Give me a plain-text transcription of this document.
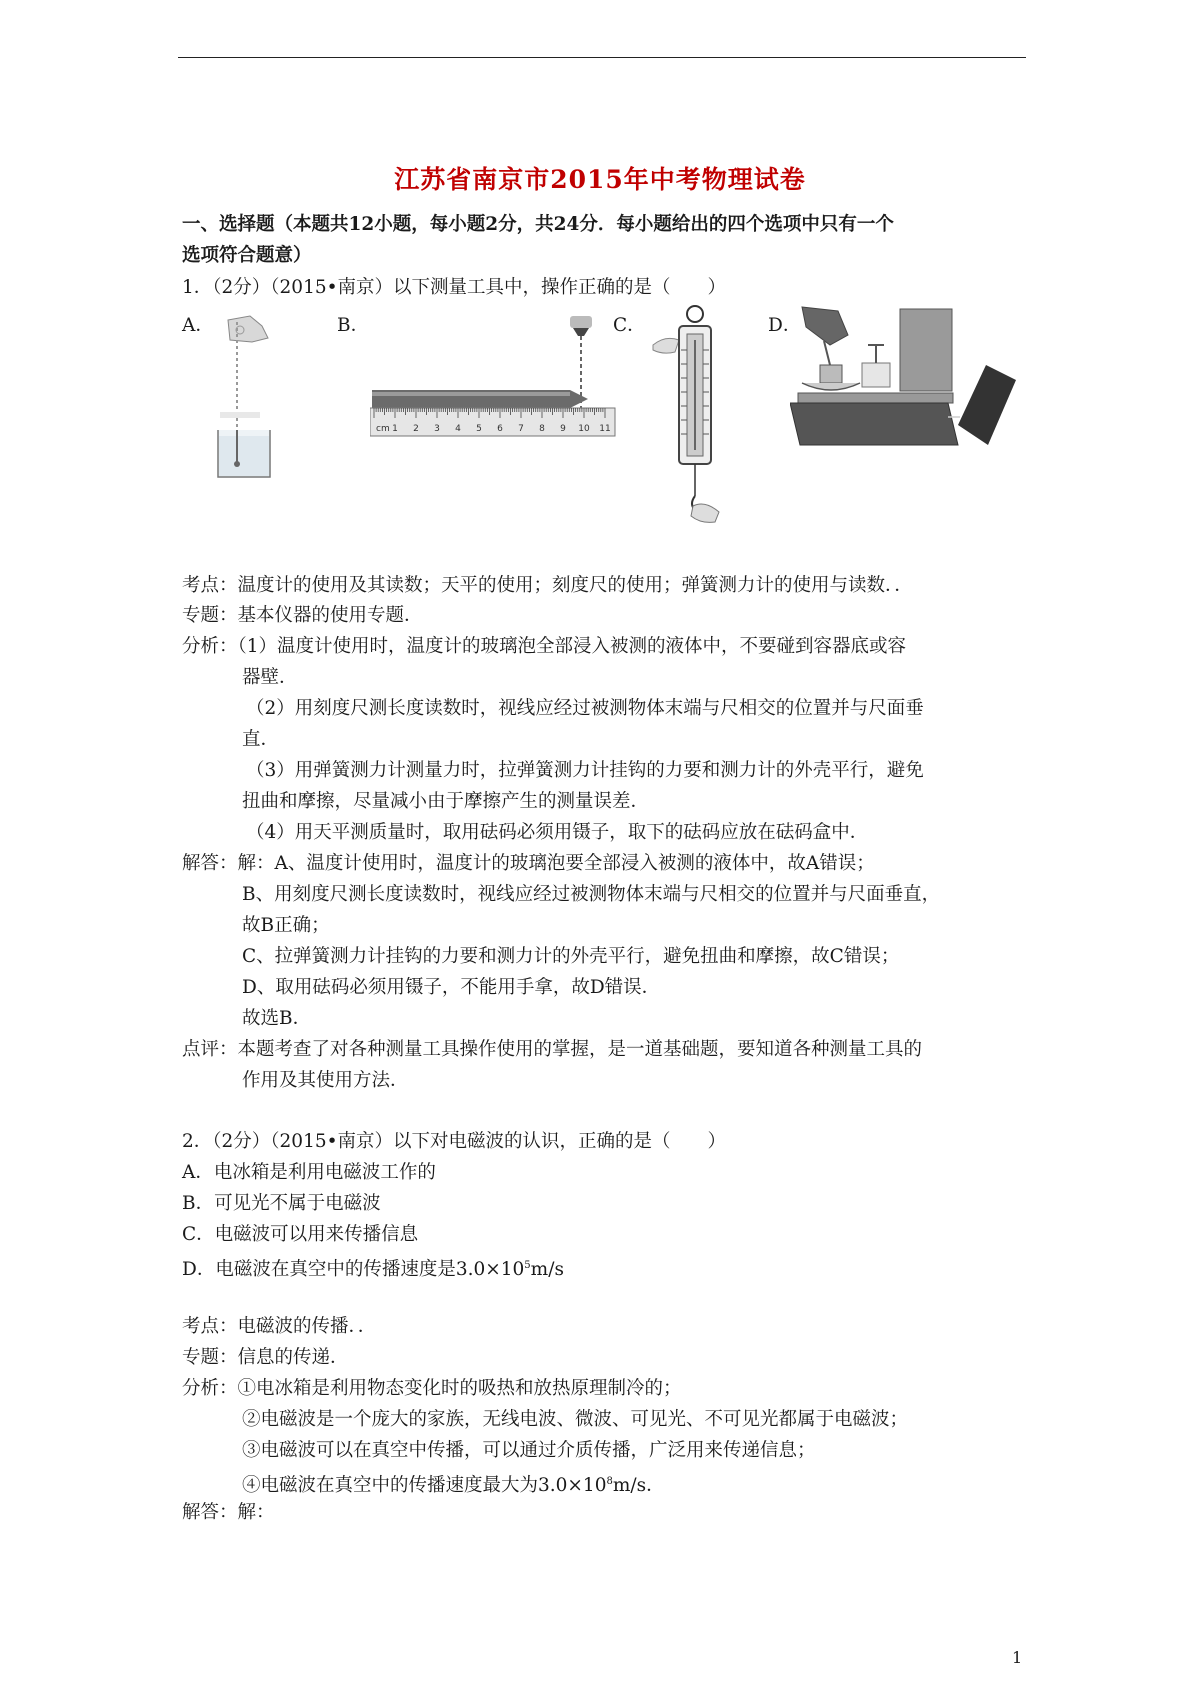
江苏省南京市2015年中考物理试卷
一、选择题（本题共12小题，每小题2分，共24分．每小题给出的四个选项中只有一个
选项符合题意）
1．（2分）（2015•南京）以下测量工具中，操作正确的是（　　）
A．	B．	C．	D．
cm 1 2 3 4 5 6 7 8 9 10 11
考点：温度计的使用及其读数；天平的使用；刻度尺的使用；弹簧测力计的使用与读数．．
专题：基本仪器的使用专题．
分析：（1）温度计使用时，温度计的玻璃泡全部浸入被测的液体中，不要碰到容器底或容
器壁．
（2）用刻度尺测长度读数时，视线应经过被测物体末端与尺相交的位置并与尺面垂
直．
（3）用弹簧测力计测量力时，拉弹簧测力计挂钩的力要和测力计的外壳平行，避免
扭曲和摩擦，尽量减小由于摩擦产生的测量误差．
（4）用天平测质量时，取用砝码必须用镊子，取下的砝码应放在砝码盒中．
解答：解：A、温度计使用时，温度计的玻璃泡要全部浸入被测的液体中，故A错误；
B、用刻度尺测长度读数时，视线应经过被测物体末端与尺相交的位置并与尺面垂直，
故B正确；
C、拉弹簧测力计挂钩的力要和测力计的外壳平行，避免扭曲和摩擦，故C错误；
D、取用砝码必须用镊子，不能用手拿，故D错误．
故选B．
点评：本题考查了对各种测量工具操作使用的掌握，是一道基础题，要知道各种测量工具的
作用及其使用方法．
2．（2分）（2015•南京）以下对电磁波的认识，正确的是（　　）
A．电冰箱是利用电磁波工作的
B．可见光不属于电磁波
C．电磁波可以用来传播信息
D．电磁波在真空中的传播速度是$3.0\times 10^5m/s$
考点：电磁波的传播．．
专题：信息的传递．
分析：①电冰箱是利用物态变化时的吸热和放热原理制冷的；
②电磁波是一个庞大的家族，无线电波、微波、可见光、不可见光都属于电磁波；
③电磁波可以在真空中传播，可以通过介质传播，广泛用来传递信息；
④电磁波在真空中的传播速度最大为$3.0\times 10^8m/s$．
解答：解：
1
